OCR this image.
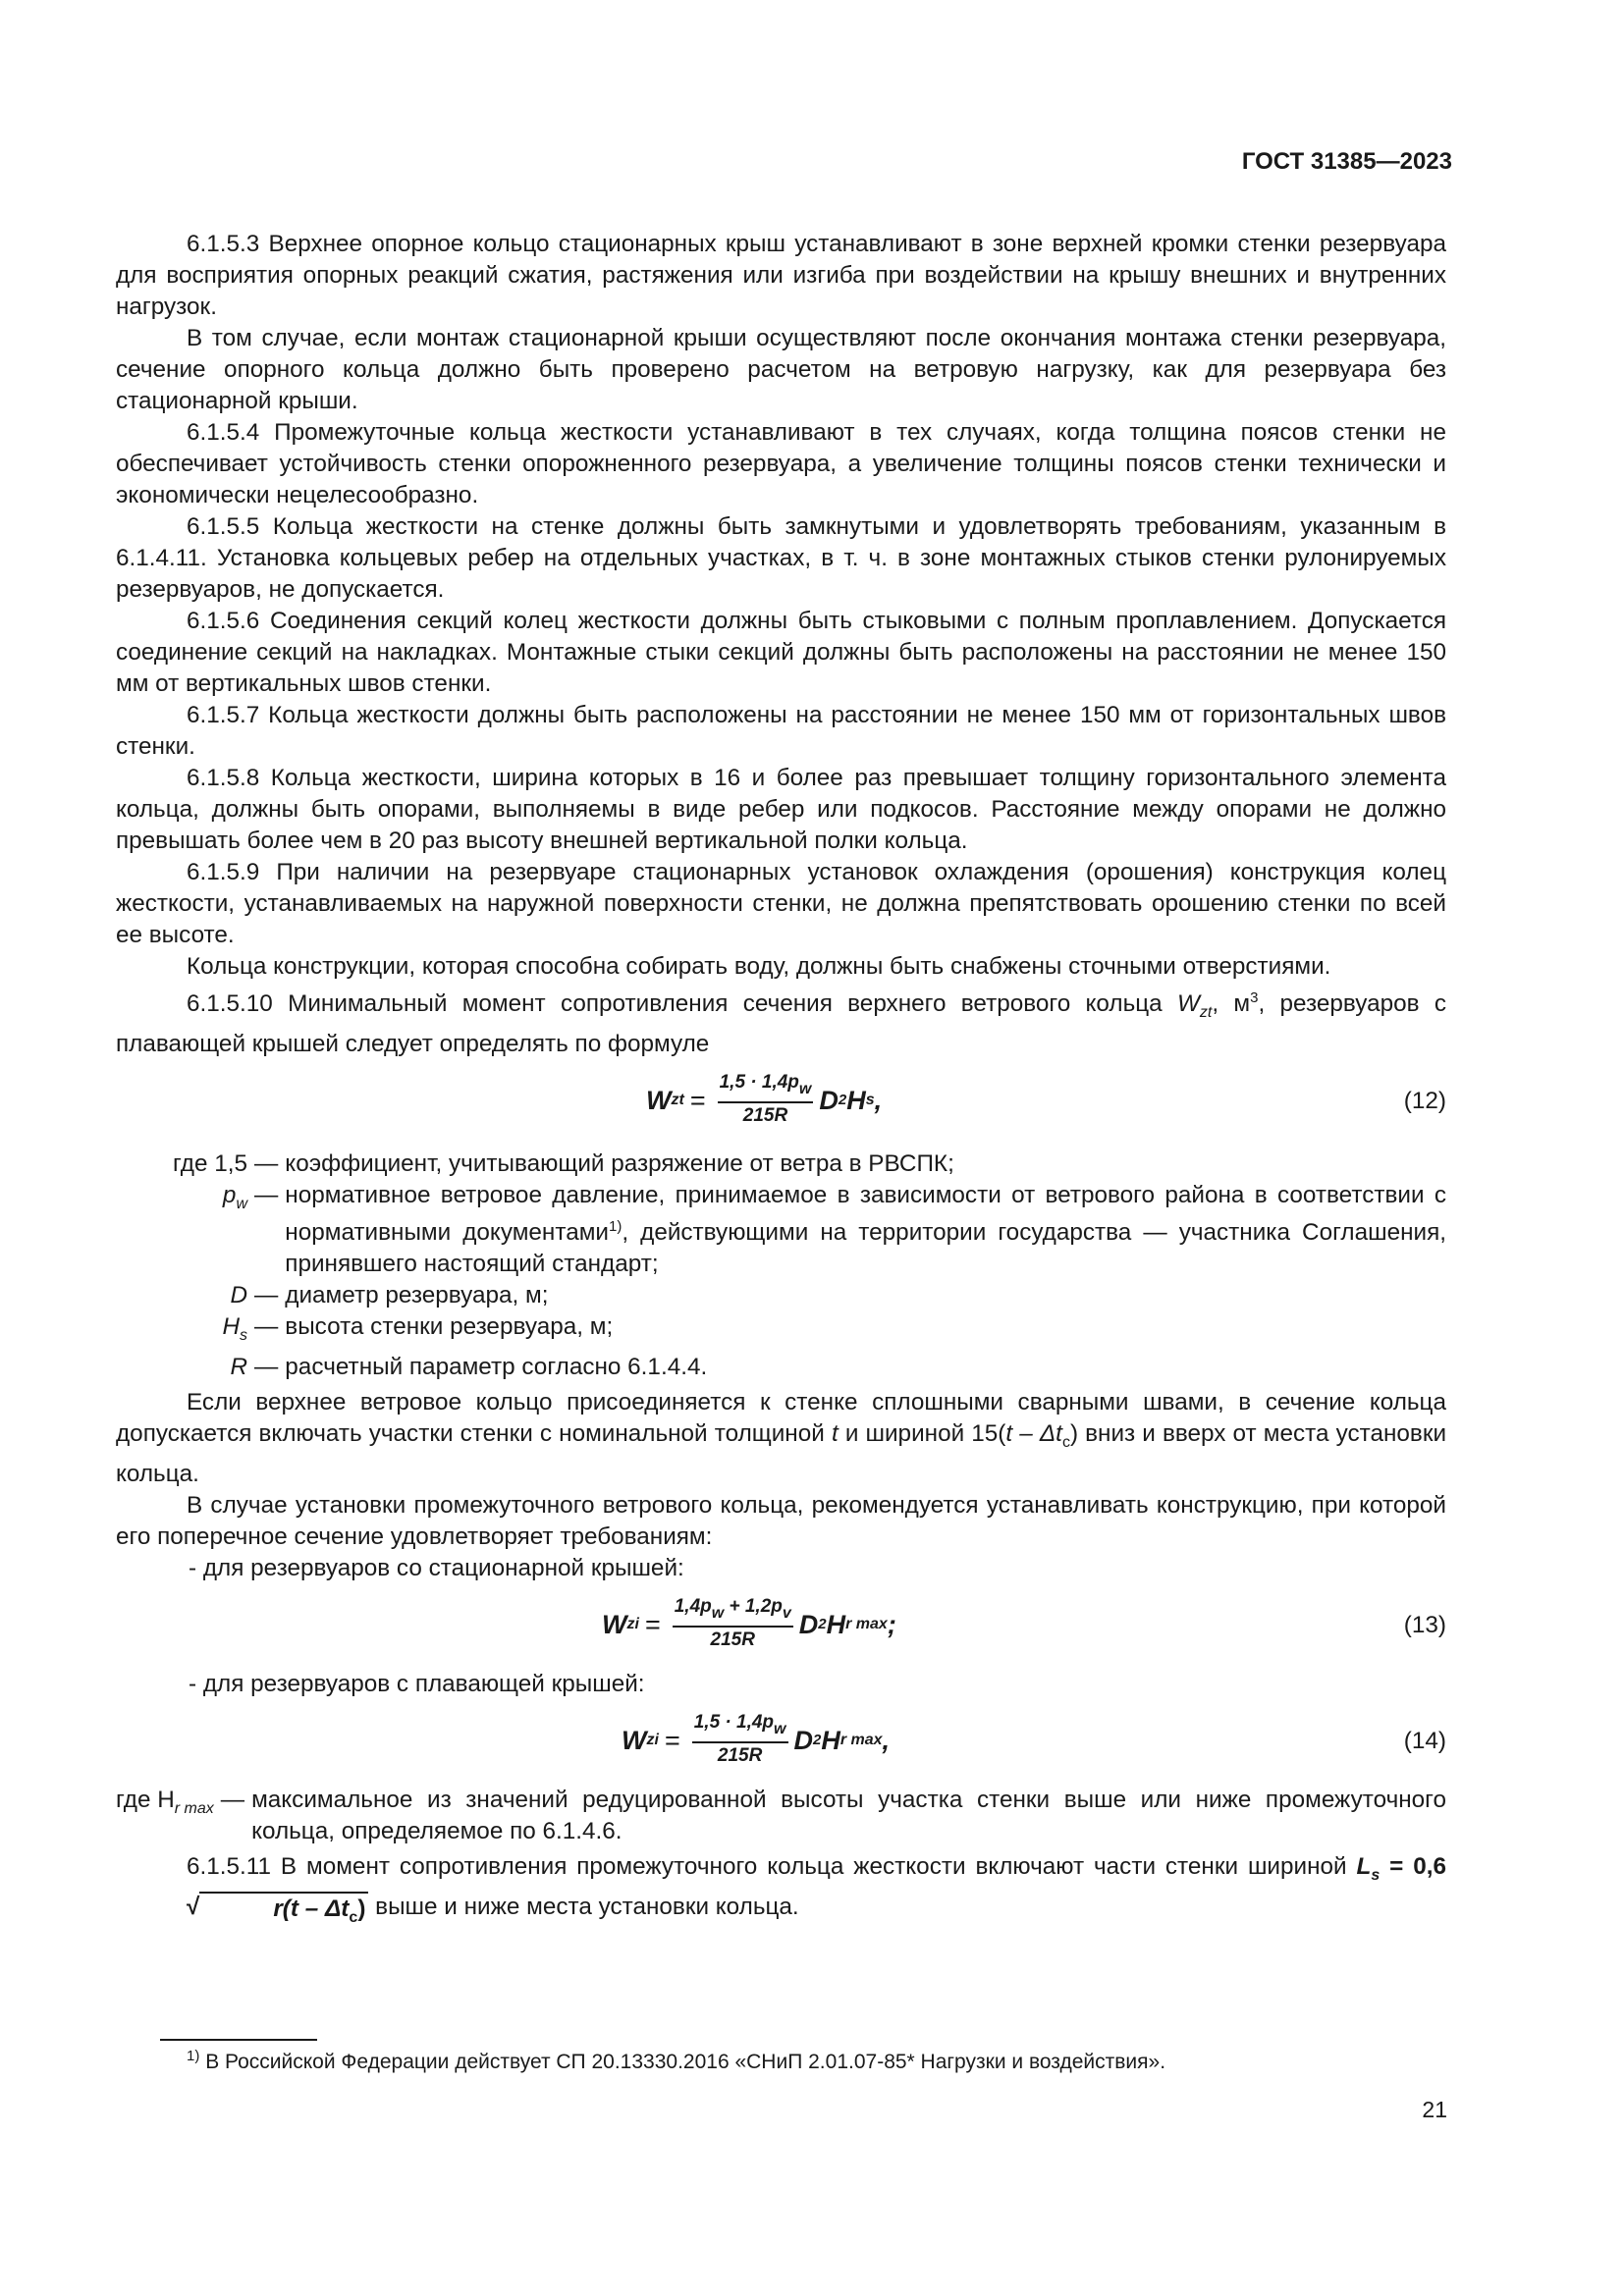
ГОСТ 31385—2023

6.1.5.3 Верхнее опорное кольцо стационарных крыш устанавливают в зоне верхней кромки стенки резервуара для восприятия опорных реакций сжатия, растяжения или изгиба при воздействии на крышу внешних и внутренних нагрузок.

В том случае, если монтаж стационарной крыши осуществляют после окончания монтажа стенки резервуара, сечение опорного кольца должно быть проверено расчетом на ветровую нагрузку, как для резервуара без стационарной крыши.

6.1.5.4 Промежуточные кольца жесткости устанавливают в тех случаях, когда толщина поясов стенки не обеспечивает устойчивость стенки опорожненного резервуара, а увеличение толщины поясов стенки технически и экономически нецелесообразно.

6.1.5.5 Кольца жесткости на стенке должны быть замкнутыми и удовлетворять требованиям, указанным в 6.1.4.11. Установка кольцевых ребер на отдельных участках, в т. ч. в зоне монтажных стыков стенки рулонируемых резервуаров, не допускается.

6.1.5.6 Соединения секций колец жесткости должны быть стыковыми с полным проплавлением. Допускается соединение секций на накладках. Монтажные стыки секций должны быть расположены на расстоянии не менее 150 мм от вертикальных швов стенки.

6.1.5.7 Кольца жесткости должны быть расположены на расстоянии не менее 150 мм от горизонтальных швов стенки.

6.1.5.8 Кольца жесткости, ширина которых в 16 и более раз превышает толщину горизонтального элемента кольца, должны быть опорами, выполняемы в виде ребер или подкосов. Расстояние между опорами не должно превышать более чем в 20 раз высоту внешней вертикальной полки кольца.

6.1.5.9 При наличии на резервуаре стационарных установок охлаждения (орошения) конструкция колец жесткости, устанавливаемых на наружной поверхности стенки, не должна препятствовать орошению стенки по всей ее высоте.

Кольца конструкции, которая способна собирать воду, должны быть снабжены сточными отверстиями.

6.1.5.10 Минимальный момент сопротивления сечения верхнего ветрового кольца $W_{zt}$, $м^3$, резервуаров с плавающей крышей следует определять по формуле

W zt = $\frac{1,5 \cdot 1,4p_w}{215R}$ D 2 H s ,	(12)
где 1,5 — коэффициент, учитывающий разряжение от ветра в РВСПК;
$p_w$ — нормативное ветровое давление, принимаемое в зависимости от ветрового района в соответствии с нормативными документами$^{1)}$, действующими на территории государства — участника Соглашения, принявшего настоящий стандарт;
D — диаметр резервуара, м;
$H_s$ — высота стенки резервуара, м;
R — расчетный параметр согласно 6.1.4.4.

Если верхнее ветровое кольцо присоединяется к стенке сплошными сварными швами, в сечение кольца допускается включать участки стенки с номинальной толщиной t и шириной $15(t - \Delta t_c)$ вниз и вверх от места установки кольца.

В случае установки промежуточного ветрового кольца, рекомендуется устанавливать конструкцию, при которой его поперечное сечение удовлетворяет требованиям:

- для резервуаров со стационарной крышей:

W zi = $\frac{1,4p_w + 1,2p_v}{215R}$ D 2 H r max ;	(13)

- для резервуаров с плавающей крышей:

W zi = $\frac{1,5 \cdot 1,4p_w}{215R}$ D 2 H r max ,	(14)
где $H_{r max}$ — максимальное из значений редуцированной высоты участка стенки выше или ниже промежуточного кольца, определяемое по 6.1.4.6.

6.1.5.11 В момент сопротивления промежуточного кольца жесткости включают части стенки шириной $L_s = 0,6$
√	$r(t - \Delta t_c)$ выше и ниже места установки кольца.

$^{1)}$ В Российской Федерации действует СП 20.13330.2016 «СНиП 2.01.07-85* Нагрузки и воздействия».
21
